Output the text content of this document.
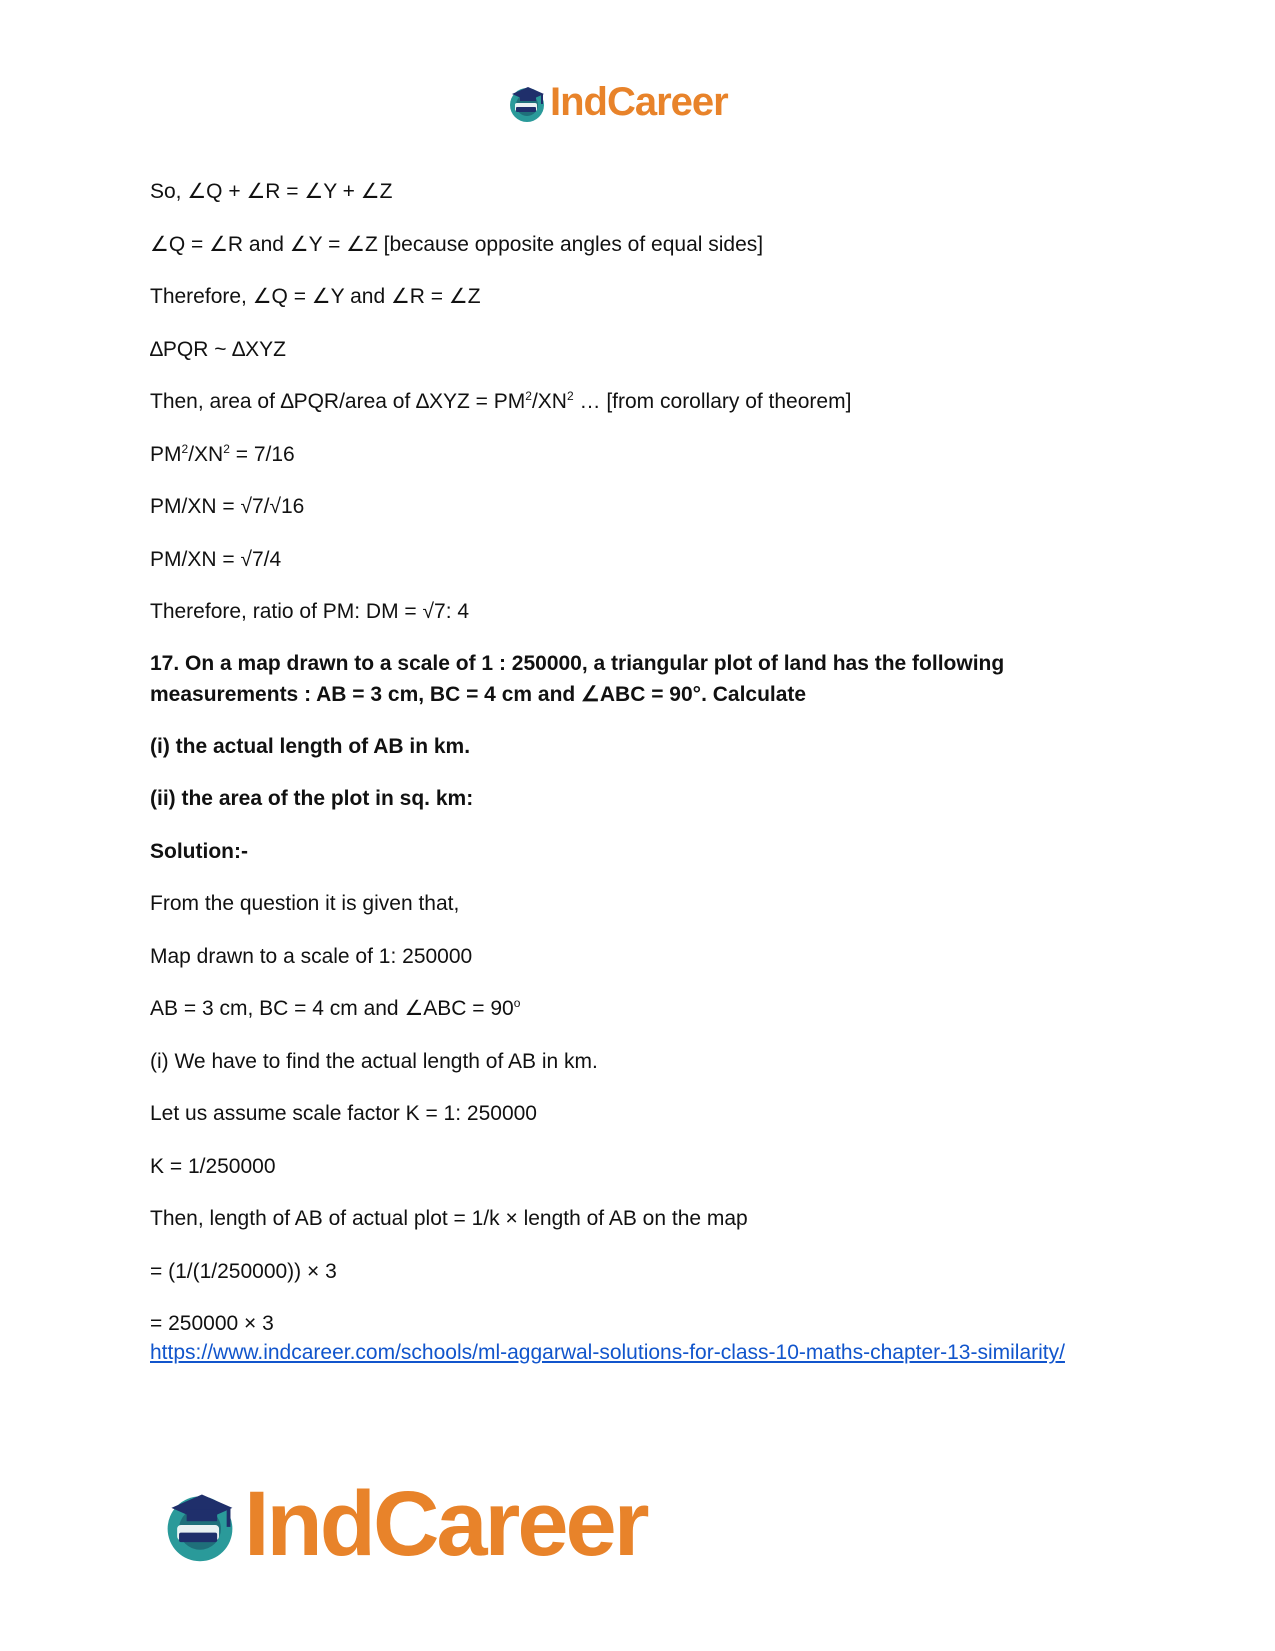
IndCareer
So, ∠Q + ∠R = ∠Y + ∠Z
∠Q = ∠R and ∠Y = ∠Z [because opposite angles of equal sides]
Therefore, ∠Q = ∠Y and ∠R = ∠Z
∆PQR ~ ∆XYZ
Then, area of ∆PQR/area of $\Delta XYZ = PM^2/XN^2$ … [from corollary of theorem]
$PM^2/XN^2 = 7/16$
PM/XN = √7/√16
PM/XN = √7/4
Therefore, ratio of PM: DM = √7: 4
17. On a map drawn to a scale of 1 : 250000, a triangular plot of land has the following measurements : AB = 3 cm, BC = 4 cm and ∠ABC = 90°. Calculate
(i) the actual length of AB in km.
(ii) the area of the plot in sq. km:
Solution:-
From the question it is given that,
Map drawn to a scale of 1: 250000
AB = 3 cm, BC = 4 cm and ∠ABC = $90^o$
(i) We have to find the actual length of AB in km.
Let us assume scale factor K = 1: 250000
K = 1/250000
Then, length of AB of actual plot = 1/k × length of AB on the map
= (1/(1/250000)) × 3
= 250000 × 3
https://www.indcareer.com/schools/ml-aggarwal-solutions-for-class-10-maths-chapter-13-similarity/
IndCareer
